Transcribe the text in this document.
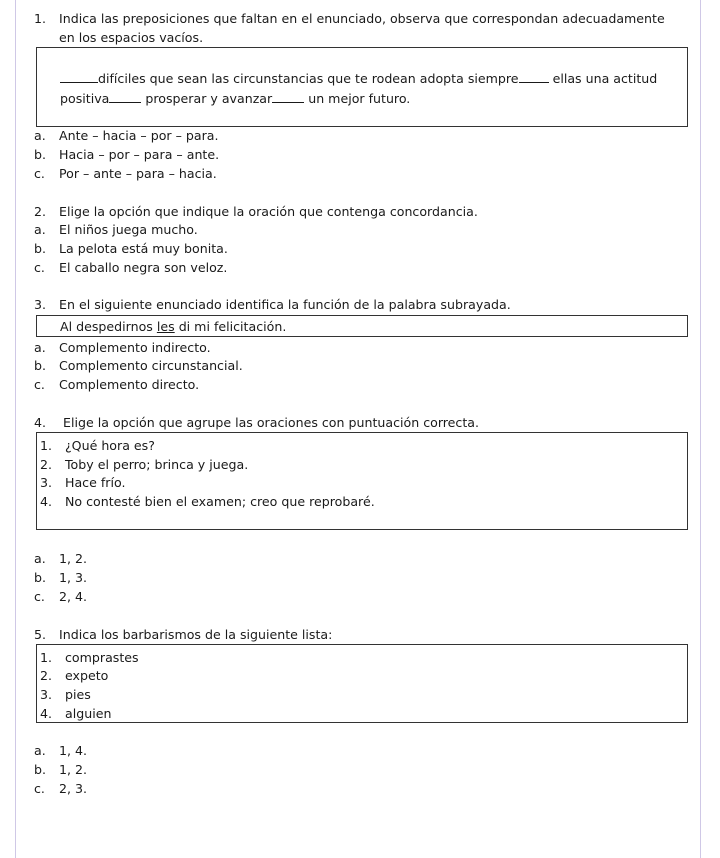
1. Indica las preposiciones que faltan en el enunciado, observa que correspondan adecuadamente
en los espacios vacíos.
difíciles que sean las circunstancias que te rodean adopta siempre	ellas una actitud
positiva	prosperar y avanzar	un mejor futuro.
a. Ante – hacia – por – para.
b. Hacia – por – para – ante.
c. Por – ante – para – hacia.
2. Elige la opción que indique la oración que contenga concordancia.
a. El niños juega mucho.
b. La pelota está muy bonita.
c. El caballo negra son veloz.
3. En el siguiente enunciado identifica la función de la palabra subrayada.
Al despedirnos les di mi felicitación.
a. Complemento indirecto.
b. Complemento circunstancial.
c. Complemento directo.
4. Elige la opción que agrupe las oraciones con puntuación correcta.
1. ¿Qué hora es?
2. Toby el perro; brinca y juega.
3. Hace frío.
4. No contesté bien el examen; creo que reprobaré.
a. 1, 2.
b. 1, 3.
c. 2, 4.
5. Indica los barbarismos de la siguiente lista:
1. comprastes
2. expeto
3. pies
4. alguien
a. 1, 4.
b. 1, 2.
c. 2, 3.
